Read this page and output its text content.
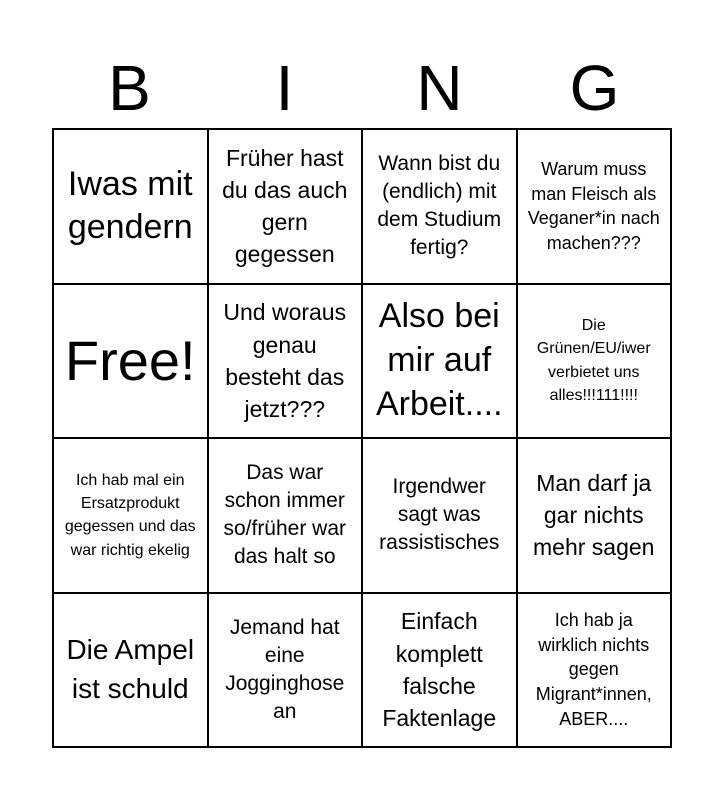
B	I	N	G
Iwas mit gendern
Früher hast du das auch gern gegessen
Wann bist du (endlich) mit dem Studium fertig?
Warum muss man Fleisch als Veganer*in nach machen???
Free!
Und woraus genau besteht das jetzt???
Also bei mir auf Arbeit....
Die Grünen/EU/iwer verbietet uns alles!!!111!!!!
Ich hab mal ein Ersatzprodukt gegessen und das war richtig ekelig
Das war schon immer so/früher war das halt so
Irgendwer sagt was rassistisches
Man darf ja gar nichts mehr sagen
Die Ampel ist schuld
Jemand hat eine Jogginghose an
Einfach komplett falsche Faktenlage
Ich hab ja wirklich nichts gegen Migrant*innen, ABER....
